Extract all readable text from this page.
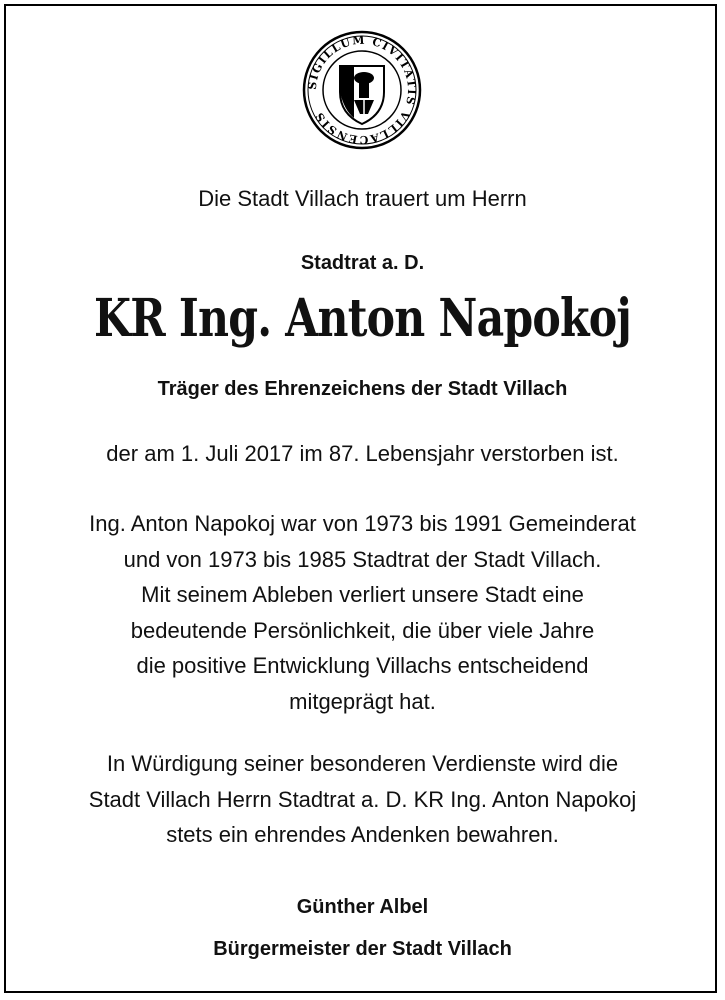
SIGILLUM CIVITATIS VILLACENSIS
Die Stadt Villach trauert um Herrn
Stadtrat a. D.
KR Ing. Anton Napokoj
Träger des Ehrenzeichens der Stadt Villach
der am 1. Juli 2017 im 87. Lebensjahr verstorben ist.
Ing. Anton Napokoj war von 1973 bis 1991 Gemeinderat
und von 1973 bis 1985 Stadtrat der Stadt Villach.
Mit seinem Ableben verliert unsere Stadt eine
bedeutende Persönlichkeit, die über viele Jahre
die positive Entwicklung Villachs entscheidend
mitgeprägt hat.
In Würdigung seiner besonderen Verdienste wird die
Stadt Villach Herrn Stadtrat a. D. KR Ing. Anton Napokoj
stets ein ehrendes Andenken bewahren.
Günther Albel
Bürgermeister der Stadt Villach
